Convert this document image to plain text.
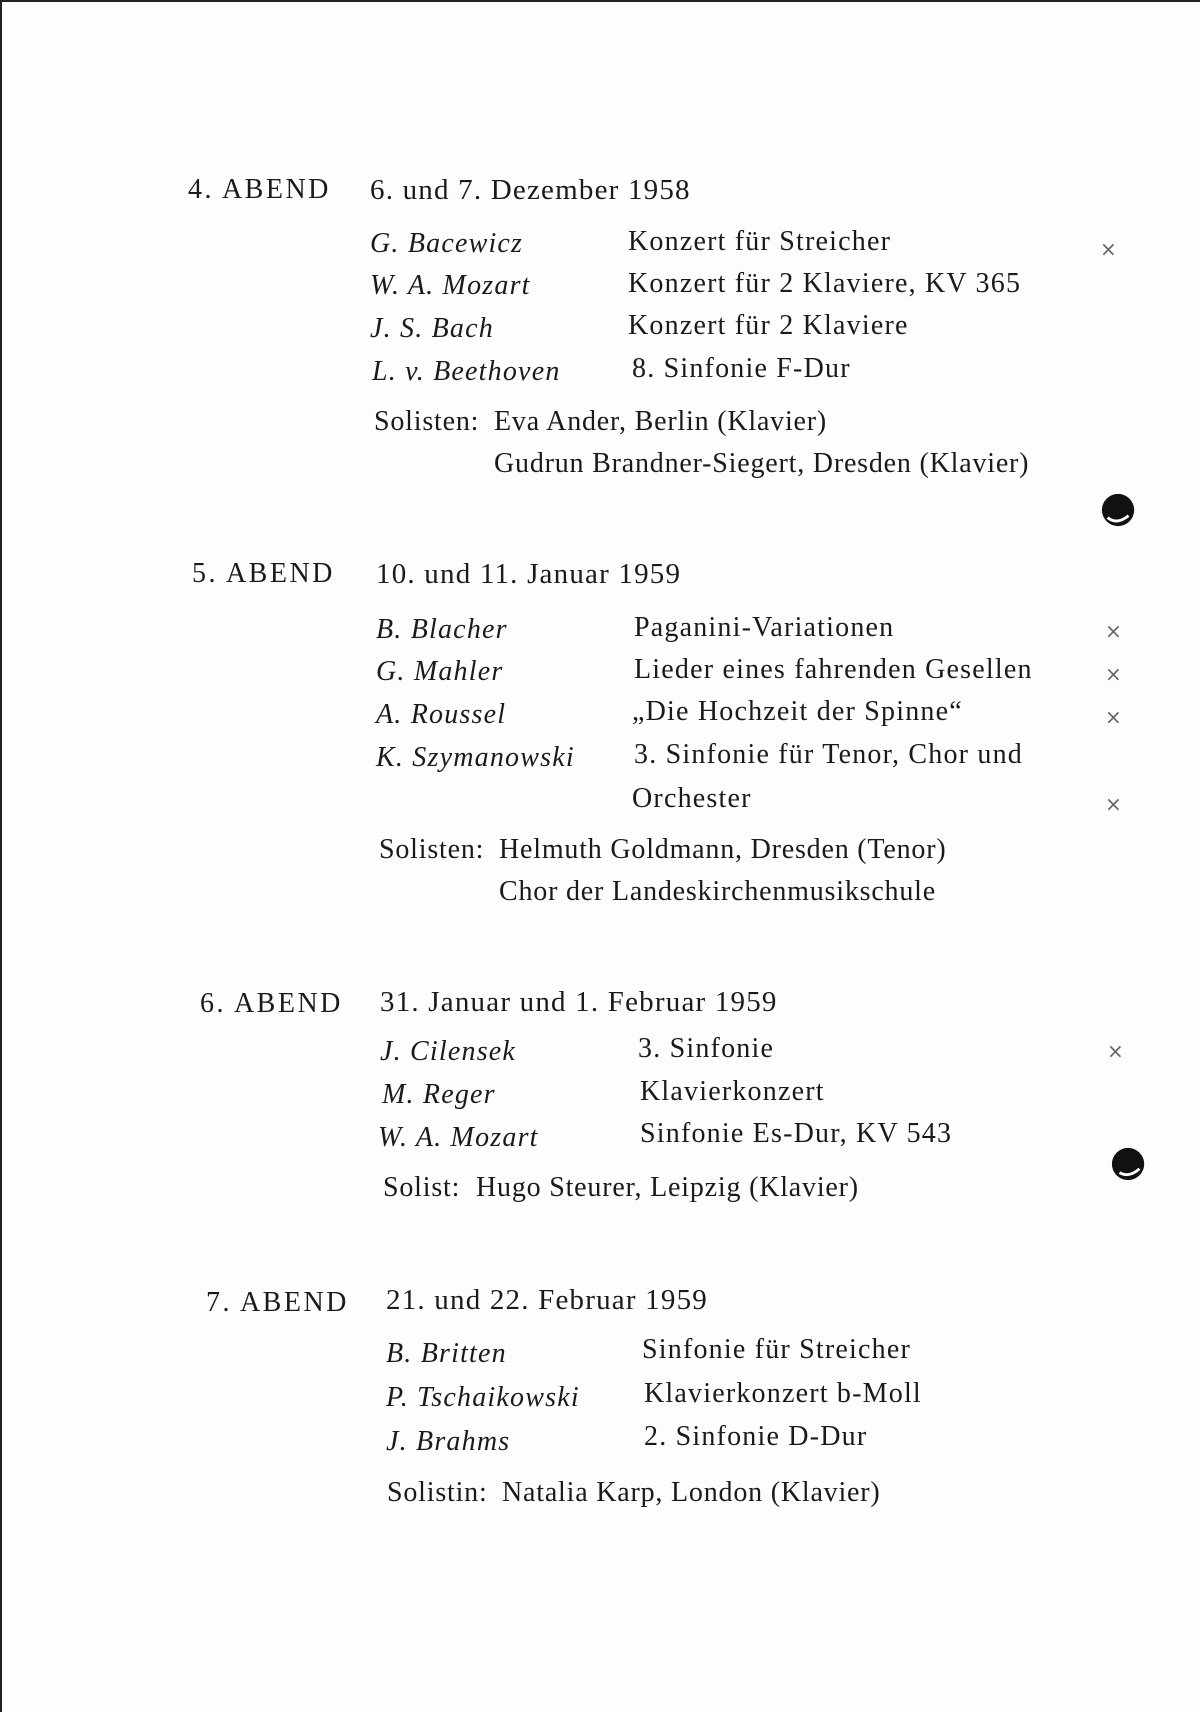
4. ABEND 6. und 7. Dezember 1958
G. Bacewicz	Konzert für Streicher	×
W. A. Mozart	Konzert für 2 Klaviere, KV 365
J. S. Bach	Konzert für 2 Klaviere
L. v. Beethoven	8. Sinfonie F-Dur
Solisten: Eva Ander, Berlin (Klavier)
Gudrun Brandner-Siegert, Dresden (Klavier)
5. ABEND 10. und 11. Januar 1959
B. Blacher	Paganini-Variationen	×
G. Mahler	Lieder eines fahrenden Gesellen	×
A. Roussel	„Die Hochzeit der Spinne“	×
K. Szymanowski 3. Sinfonie für Tenor, Chor und
Orchester	×
Solisten: Helmuth Goldmann, Dresden (Tenor)
Chor der Landeskirchenmusikschule
6. ABEND 31. Januar und 1. Februar 1959
J. Cilensek	3. Sinfonie	×
M. Reger	Klavierkonzert
W. A. Mozart	Sinfonie Es-Dur, KV 543
Solist: Hugo Steurer, Leipzig (Klavier)
7. ABEND 21. und 22. Februar 1959
B. Britten	Sinfonie für Streicher
P. Tschaikowski Klavierkonzert b-Moll
J. Brahms	2. Sinfonie D-Dur
Solistin: Natalia Karp, London (Klavier)
